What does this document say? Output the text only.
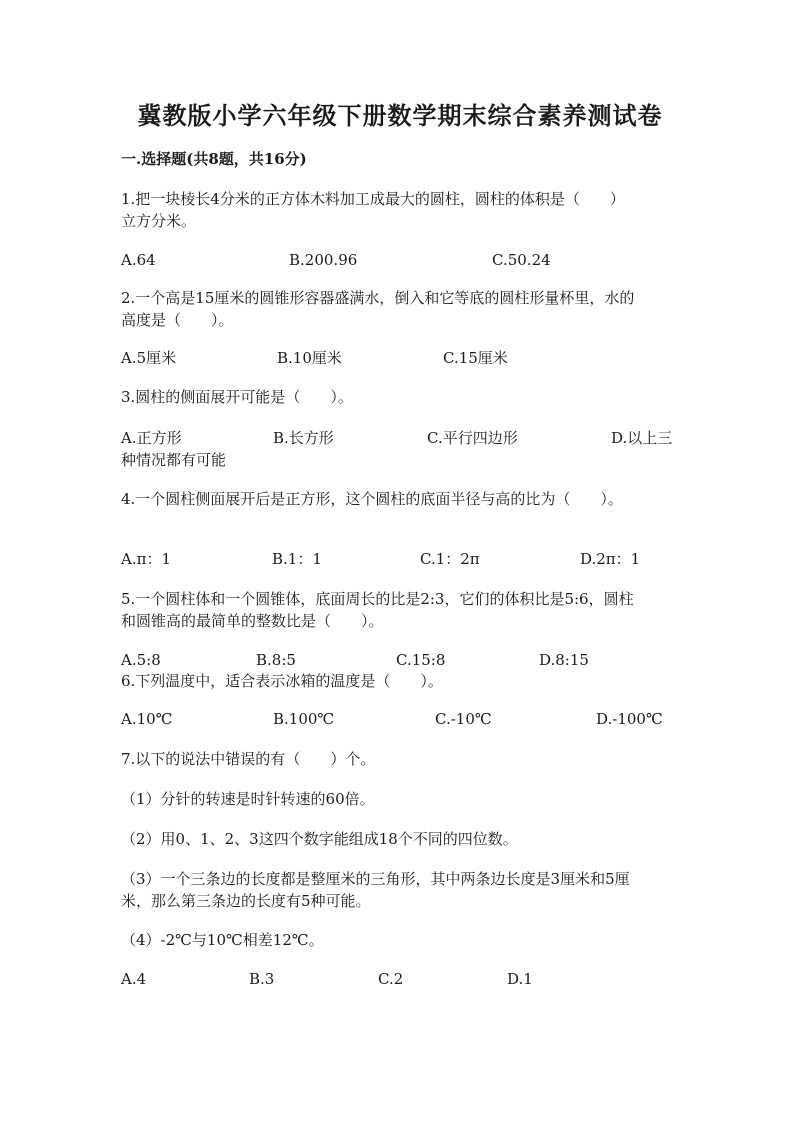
冀教版小学六年级下册数学期末综合素养测试卷
一.选择题(共8题，共16分)
1.把一块棱长4分米的正方体木料加工成最大的圆柱，圆柱的体积是（　　）
立方分米。
A.64	B.200.96	C.50.24
2.一个高是15厘米的圆锥形容器盛满水，倒入和它等底的圆柱形量杯里，水的
高度是（　　）。
A.5厘米	B.10厘米	C.15厘米
3.圆柱的侧面展开可能是（　　）。
A.正方形	B.长方形	C.平行四边形	D.以上三
种情况都有可能
4.一个圆柱侧面展开后是正方形，这个圆柱的底面半径与高的比为（　　）。
A.π：1	B.1：1	C.1：2π	D.2π：1
5.一个圆柱体和一个圆锥体，底面周长的比是2:3，它们的体积比是5:6，圆柱
和圆锥高的最简单的整数比是（　　）。
A.5:8	B.8:5	C.15:8	D.8:15
6.下列温度中，适合表示冰箱的温度是（　　）。
A.10℃	B.100℃	C.-10℃	D.-100℃
7.以下的说法中错误的有（　　）个。
（1）分针的转速是时针转速的60倍。
（2）用0、1、2、3这四个数字能组成18个不同的四位数。
（3）一个三条边的长度都是整厘米的三角形，其中两条边长度是3厘米和5厘
米，那么第三条边的长度有5种可能。
（4）-2℃与10℃相差12℃。
A.4	B.3	C.2	D.1
